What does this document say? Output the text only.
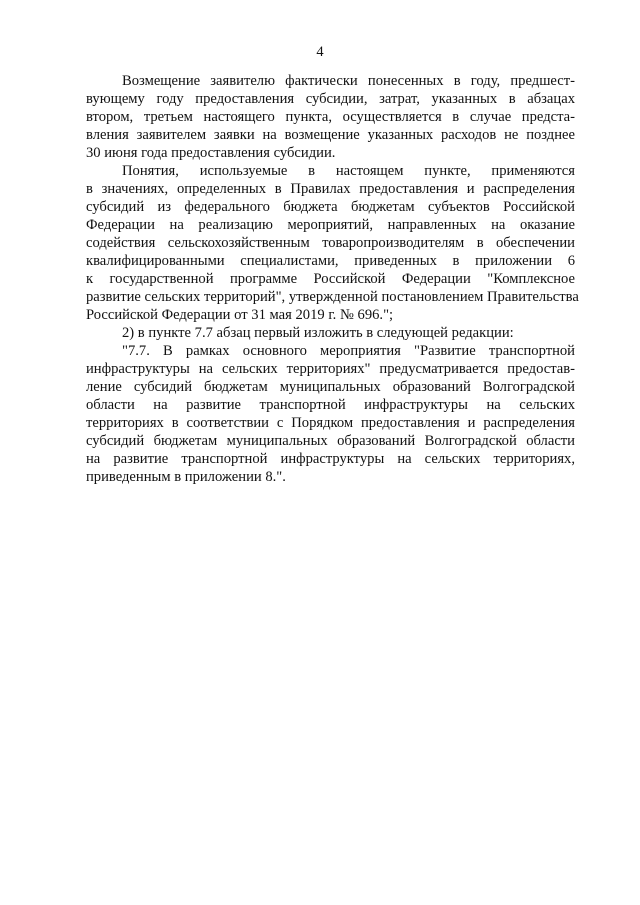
4

Возмещение заявителю фактически понесенных в году, предшест-
вующему году предоставления субсидии, затрат, указанных в абзацах
втором, третьем настоящего пункта, осуществляется в случае предста-
вления заявителем заявки на возмещение указанных расходов не позднее
30 июня года предоставления субсидии.

Понятия, используемые в настоящем пункте, применяются
в значениях, определенных в Правилах предоставления и распределения
субсидий из федерального бюджета бюджетам субъектов Российской
Федерации на реализацию мероприятий, направленных на оказание
содействия сельскохозяйственным товаропроизводителям в обеспечении
квалифицированными специалистами, приведенных в приложении 6
к государственной программе Российской Федерации "Комплексное
развитие сельских территорий", утвержденной постановлением Правительства
Российской Федерации от 31 мая 2019 г. № 696.";

2) в пункте 7.7 абзац первый изложить в следующей редакции:

"7.7. В рамках основного мероприятия "Развитие транспортной
инфраструктуры на сельских территориях" предусматривается предостав-
ление субсидий бюджетам муниципальных образований Волгоградской
области на развитие транспортной инфраструктуры на сельских
территориях в соответствии с Порядком предоставления и распределения
субсидий бюджетам муниципальных образований Волгоградской области
на развитие транспортной инфраструктуры на сельских территориях,
приведенным в приложении 8.".
